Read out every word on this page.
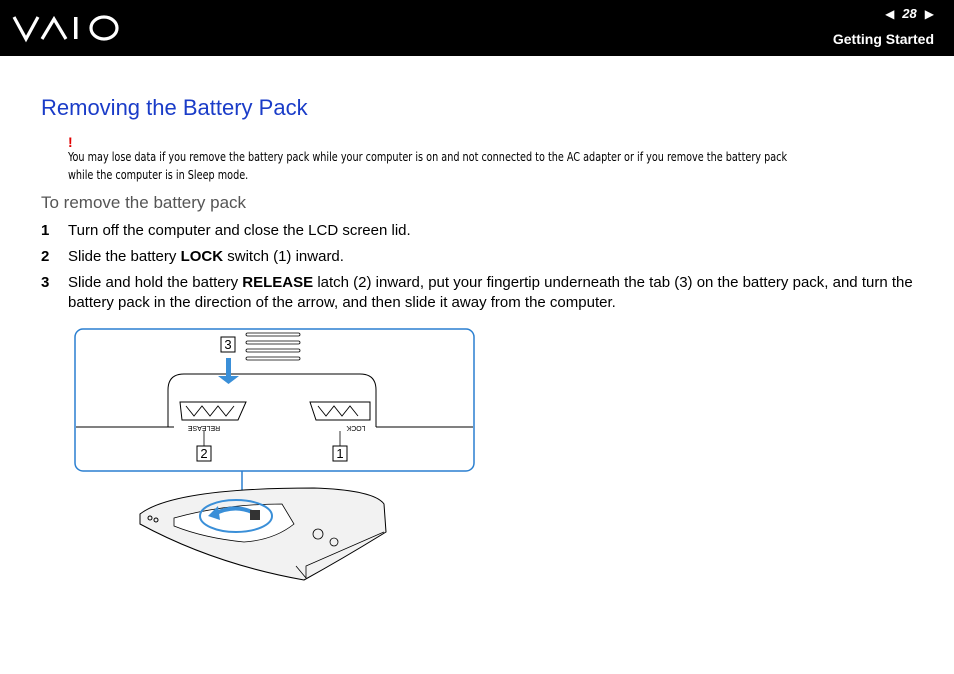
VAIO	◀ 28 ▶
Getting Started
Removing the Battery Pack
!
You may lose data if you remove the battery pack while your computer is on and not connected to the AC adapter or if you remove the battery pack while the computer is in Sleep mode.
To remove the battery pack
1	Turn off the computer and close the LCD screen lid.
2	Slide the battery LOCK switch (1) inward.
3	Slide and hold the battery RELEASE latch (2) inward, put your fingertip underneath the tab (3) on the battery pack, and turn the battery pack in the direction of the arrow, and then slide it away from the computer.
3
RELEASE
2
LOCK
1
